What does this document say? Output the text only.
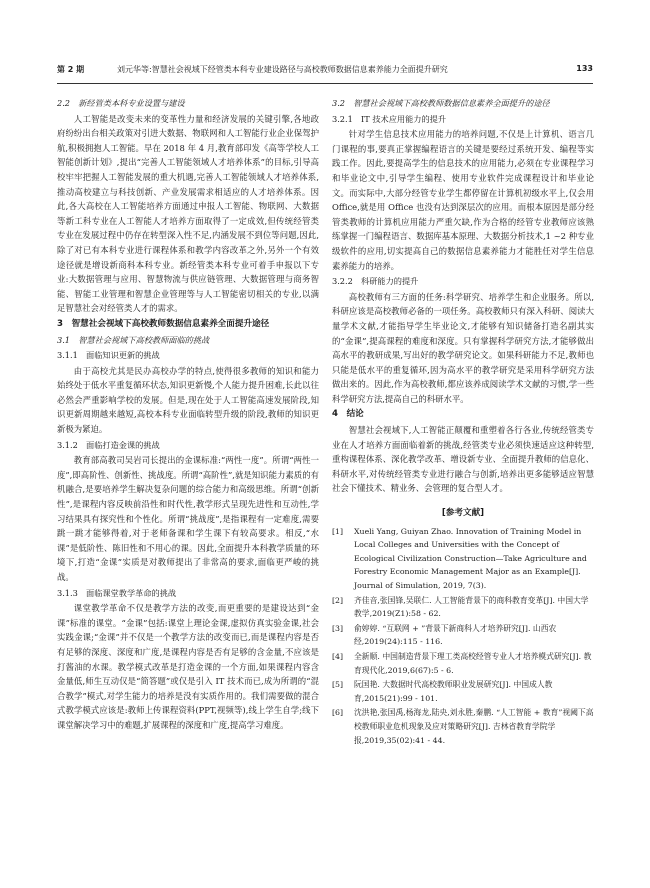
第 2 期	刘元华等:智慧社会视域下经管类本科专业建设路径与高校教师数据信息素养能力全面提升研究	133
2.2　新经管类本科专业设置与建设

人工智能是改变未来的变革性力量和经济发展的关键引擎,各地政府纷纷出台相关政策对引进大数据、物联网和人工智能行业企业保驾护航,积极拥抱人工智能。早在 2018 年 4 月,教育部印发《高等学校人工智能创新计划》,提出“完善人工智能领域人才培养体系”的目标,引导高校牢牢把握人工智能发展的重大机遇,完善人工智能领域人才培养体系,推动高校建立与科技创新、产业发展需求相适应的人才培养体系。因此,各大高校在人工智能培养方面通过申报人工智能、物联网、大数据等新工科专业在人工智能人才培养方面取得了一定成效,但传统经管类专业在发展过程中仍存在转型深入性不足,内涵发展不到位等问题,因此,除了对已有本科专业进行课程体系和教学内容改革之外,另外一个有效途径就是增设新商科本科专业。新经管类本科专业可着手申报以下专业:大数据管理与应用、智慧物流与供应链管理、大数据管理与商务智能、智能工业管理和智慧企业管理等与人工智能密切相关的专业,以满足智慧社会对经管类人才的需求。

3　智慧社会视域下高校教师数据信息素养全面提升途径
3.1　智慧社会视域下高校教师面临的挑战
3.1.1　面临知识更新的挑战

由于高校尤其是民办高校办学的特点,使得很多教师的知识和能力始终处于低水平重复循环状态,知识更新慢,个人能力提升困难,长此以往必然会严重影响学校的发展。但是,现在处于人工智能高速发展阶段,知识更新周期越来越短,高校本科专业面临转型升级的阶段,教师的知识更新极为紧迫。

3.1.2　面临打造金课的挑战

教育部高教司吴岩司长提出的金课标准:“两性一度”。所谓“两性一度”,即高阶性、创新性、挑战度。所谓“高阶性”,就是知识能力素质的有机融合,是要培养学生解决复杂问题的综合能力和高级思维。所谓“创新性”,是课程内容反映前沿性和时代性,教学形式呈现先进性和互动性,学习结果具有探究性和个性化。所谓“挑战度”,是指课程有一定难度,需要跳一跳才能够得着,对于老师备课和学生课下有较高要求。相反,“水课”是低阶性、陈旧性和不用心的课。因此,全面提升本科教学质量的环境下,打造“金课”实质是对教师提出了非常高的要求,面临更严峻的挑战。

3.1.3　面临课堂教学革命的挑战

课堂教学革命不仅是教学方法的改变,而更重要的是建设达到“金课”标准的课堂。“金课”包括:课堂上理论金课,虚拟仿真实验金课,社会实践金课;“金课”并不仅是一个教学方法的改变而已,而是课程内容是否有足够的深度、深度和广度,是课程内容是否有足够的含金量,不应该是打酱油的水课。教学模式改革是打造金课的一个方面,如果课程内容含金量低,师生互动仅是“简答题”或仅是引入 IT 技术而已,成为所谓的“混合教学”模式,对学生能力的培养是没有实质作用的。我们需要做的混合式教学模式应该是:教师上传课程资料(PPT,视频等),线上学生自学;线下课堂解决学习中的难题,扩展课程的深度和广度,提高学习难度。

3.2　智慧社会视域下高校教师数据信息素养全面提升的途径
3.2.1　IT 技术应用能力的提升

针对学生信息技术应用能力的培养问题,不仅是上计算机、语言几门课程的事,要真正掌握编程语言的关键是要经过系统开发、编程等实践工作。因此,要提高学生的信息技术的应用能力,必须在专业课程学习和毕业论文中,引导学生编程、使用专业软件完成课程设计和毕业论文。而实际中,大部分经管专业学生都停留在计算机初级水平上,仅会用 Office,就是用 Office 也没有达到深层次的应用。而根本原因是部分经管类教师的计算机应用能力严重欠缺,作为合格的经管专业教师应该熟练掌握一门编程语言、数据库基本原理、大数据分析技术,1 ~2 种专业级软件的应用,切实提高自己的数据信息素养能力才能胜任对学生信息素养能力的培养。

3.2.2　科研能力的提升

高校教师有三方面的任务:科学研究、培养学生和企业服务。所以,科研应该是高校教师必备的一项任务。高校教师只有深入科研、阅读大量学术文献,才能指导学生毕业论文,才能够有知识储备打造名副其实的“金课”,提高课程的难度和深度。只有掌握科学研究方法,才能够做出高水平的教研成果,写出好的教学研究论文。如果科研能力不足,教师也只能是低水平的重复循环,因为高水平的教学研究是采用科学研究方法做出来的。因此,作为高校教师,都应该养成阅读学术文献的习惯,学一些科学研究方法,提高自己的科研水平。

4　结论

智慧社会视域下,人工智能正颠覆和重塑着各行各业,传统经管类专业在人才培养方面面临着新的挑战,经管类专业必须快速适应这种转型,重构课程体系、深化教学改革、增设新专业、全面提升教师的信息化、科研水平,对传统经管类专业进行融合与创新,培养出更多能够适应智慧社会下懂技术、精业务、会管理的复合型人才。

[参考文献]
[1] Xueli Yang, Guiyan Zhao. Innovation of Training Model in Local Colleges and Universities with the Concept of Ecological Civilization Construction—Take Agriculture and Forestry Economic Management Major as an Example[J]. Journal of Simulation, 2019, 7(3).
[2] 齐佳音,张国锋,吴联仁. 人工智能背景下的商科教育变革[J]. 中国大学教学,2019(Z1):58 - 62.
[3] 俞婷婷. “互联网 + ”背景下新商科人才培养研究[J]. 山西农经,2019(24):115 - 116.
[4] 全新顺. 中国制造背景下理工类高校经管专业人才培养模式研究[J]. 教育现代化,2019,6(67):5 - 6.
[5] 阮国艳. 大数据时代高校教师职业发展研究[J]. 中国成人教育,2015(21):99 - 101.
[6] 沈洪艳,张国禹,杨海龙,陆央,刘永胜,秦鹏. “人工智能 + 教育”视阈下高校教师职业危机现象及应对策略研究[J]. 吉林省教育学院学报,2019,35(02):41 - 44.
